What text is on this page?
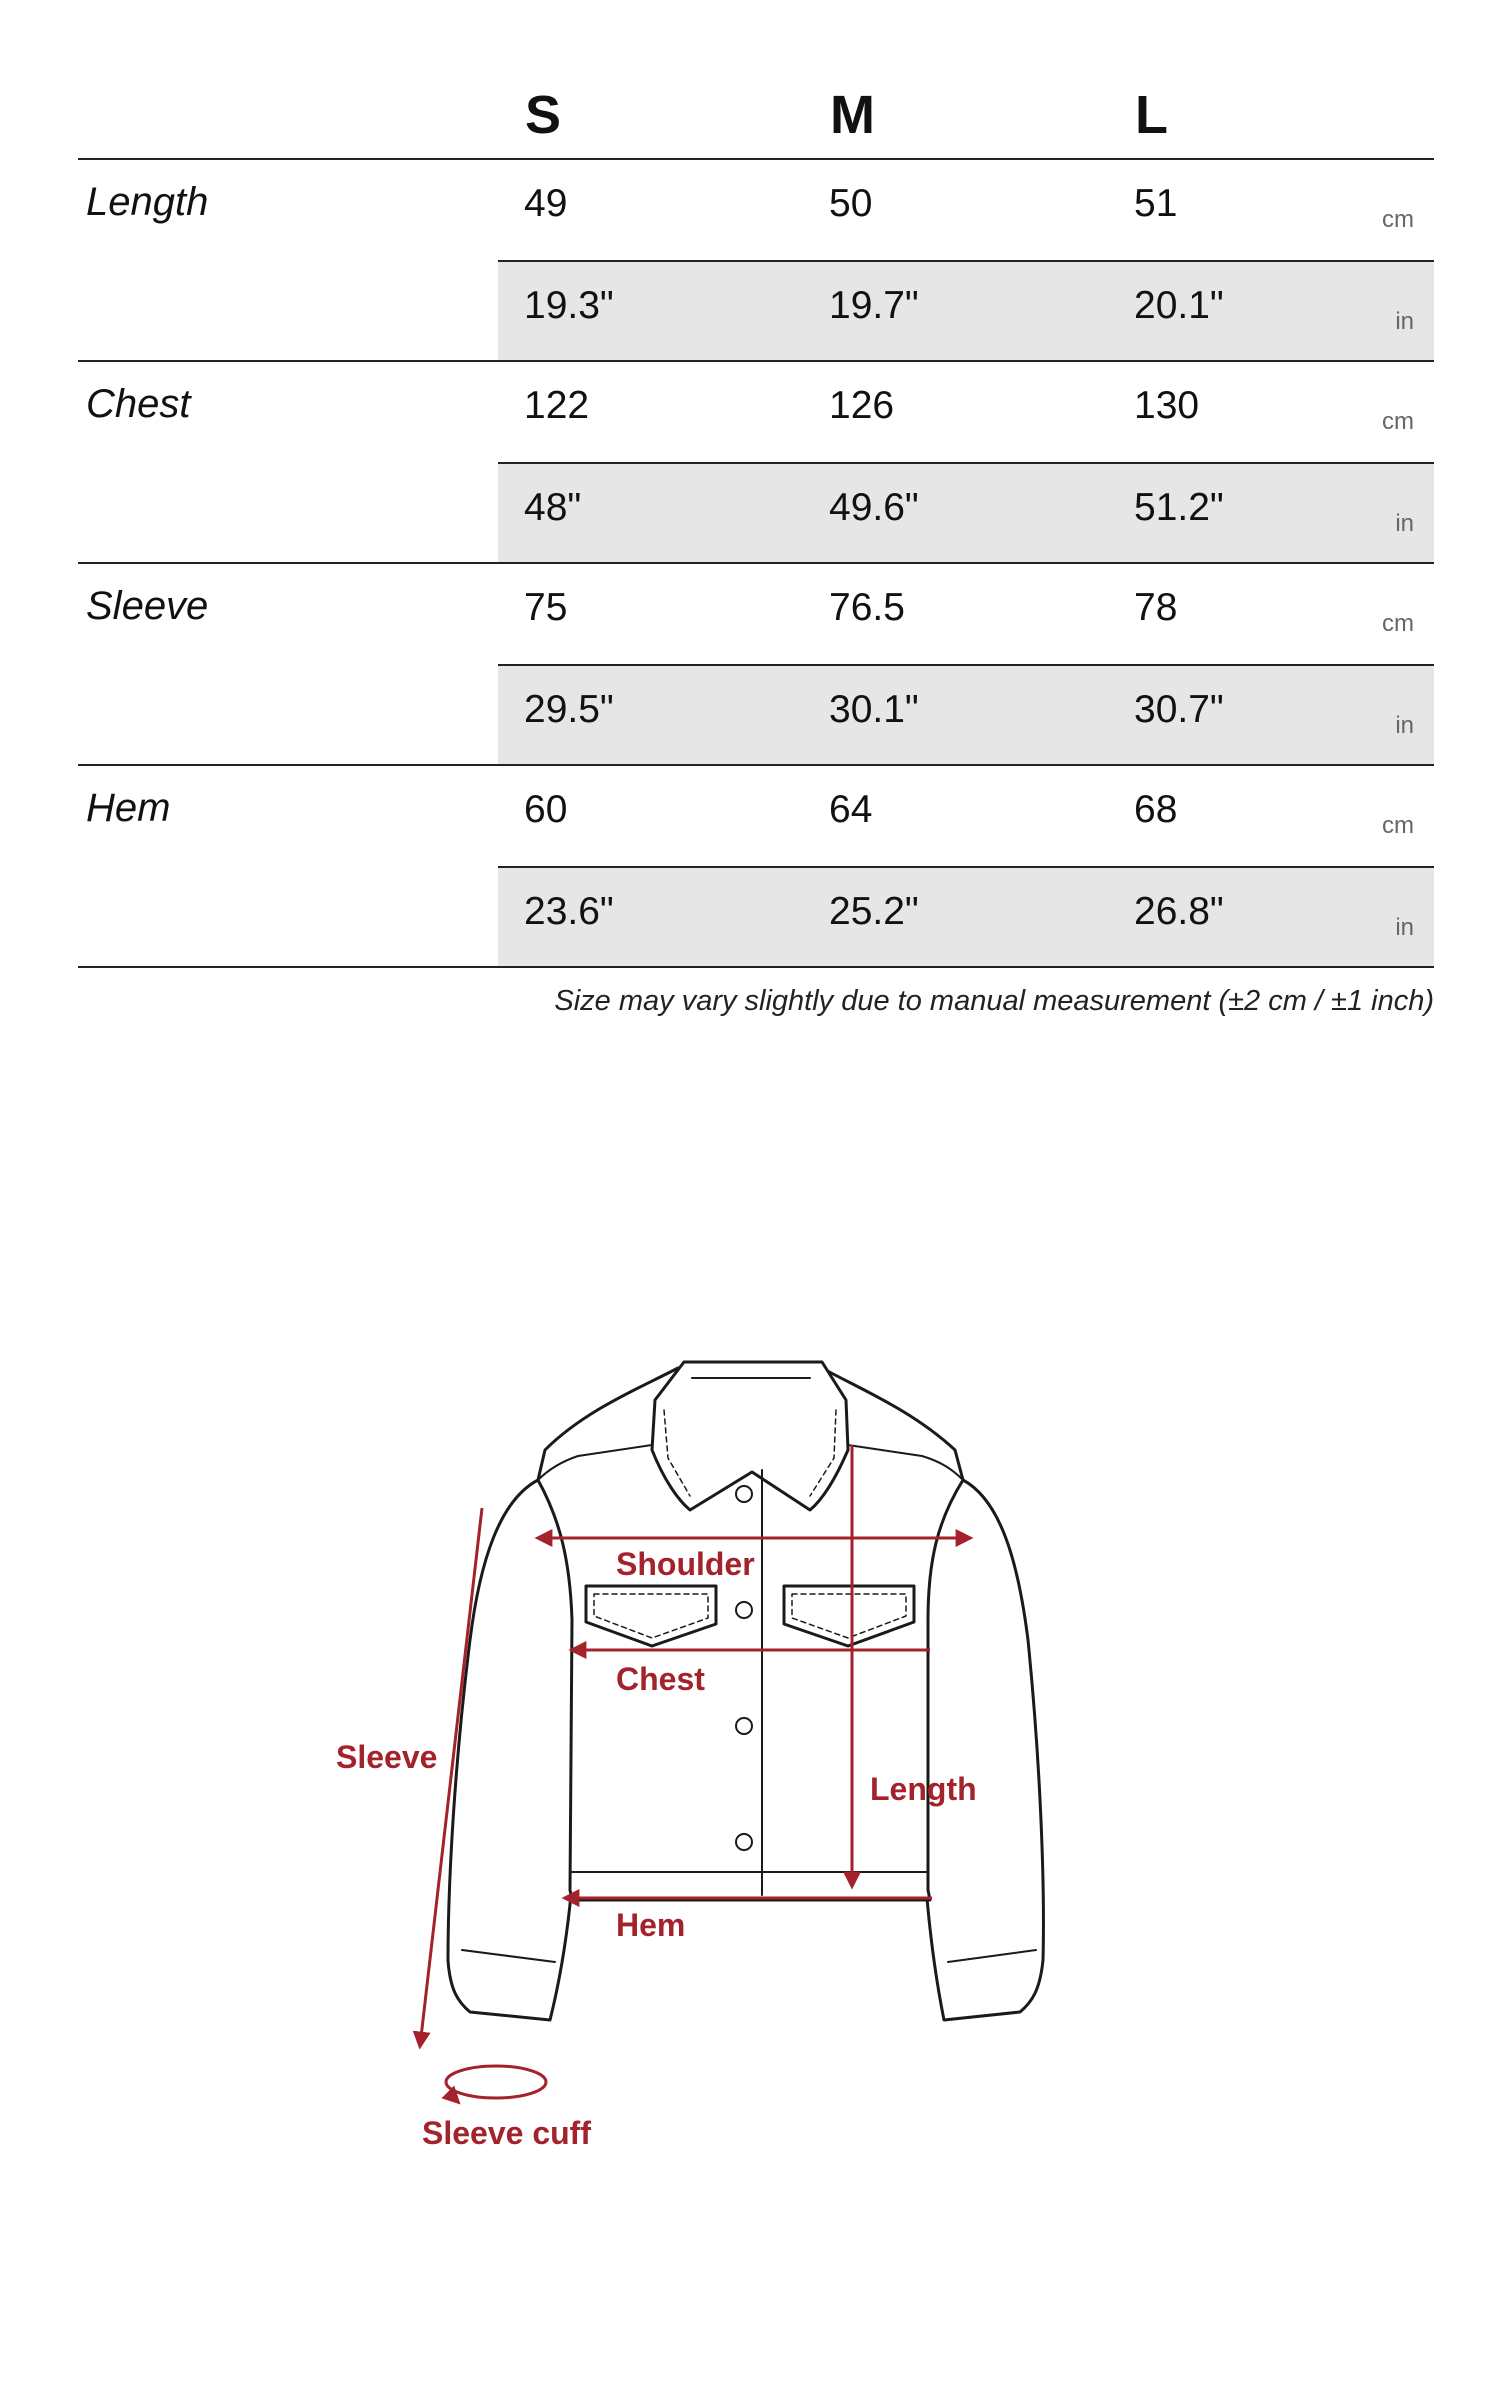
S	M	L
Length	49	50	51	cm
19.3"	19.7"	20.1"	in
Chest	122	126	130	cm
48"	49.6"	51.2"	in
Sleeve	75	76.5	78	cm
29.5"	30.1"	30.7"	in
Hem	60	64	68	cm
23.6"	25.2"	26.8"	in
Size may vary slightly due to manual measurement (±2 cm / ±1 inch)
Shoulder
Chest
Sleeve
Length
Hem
Sleeve cuff
